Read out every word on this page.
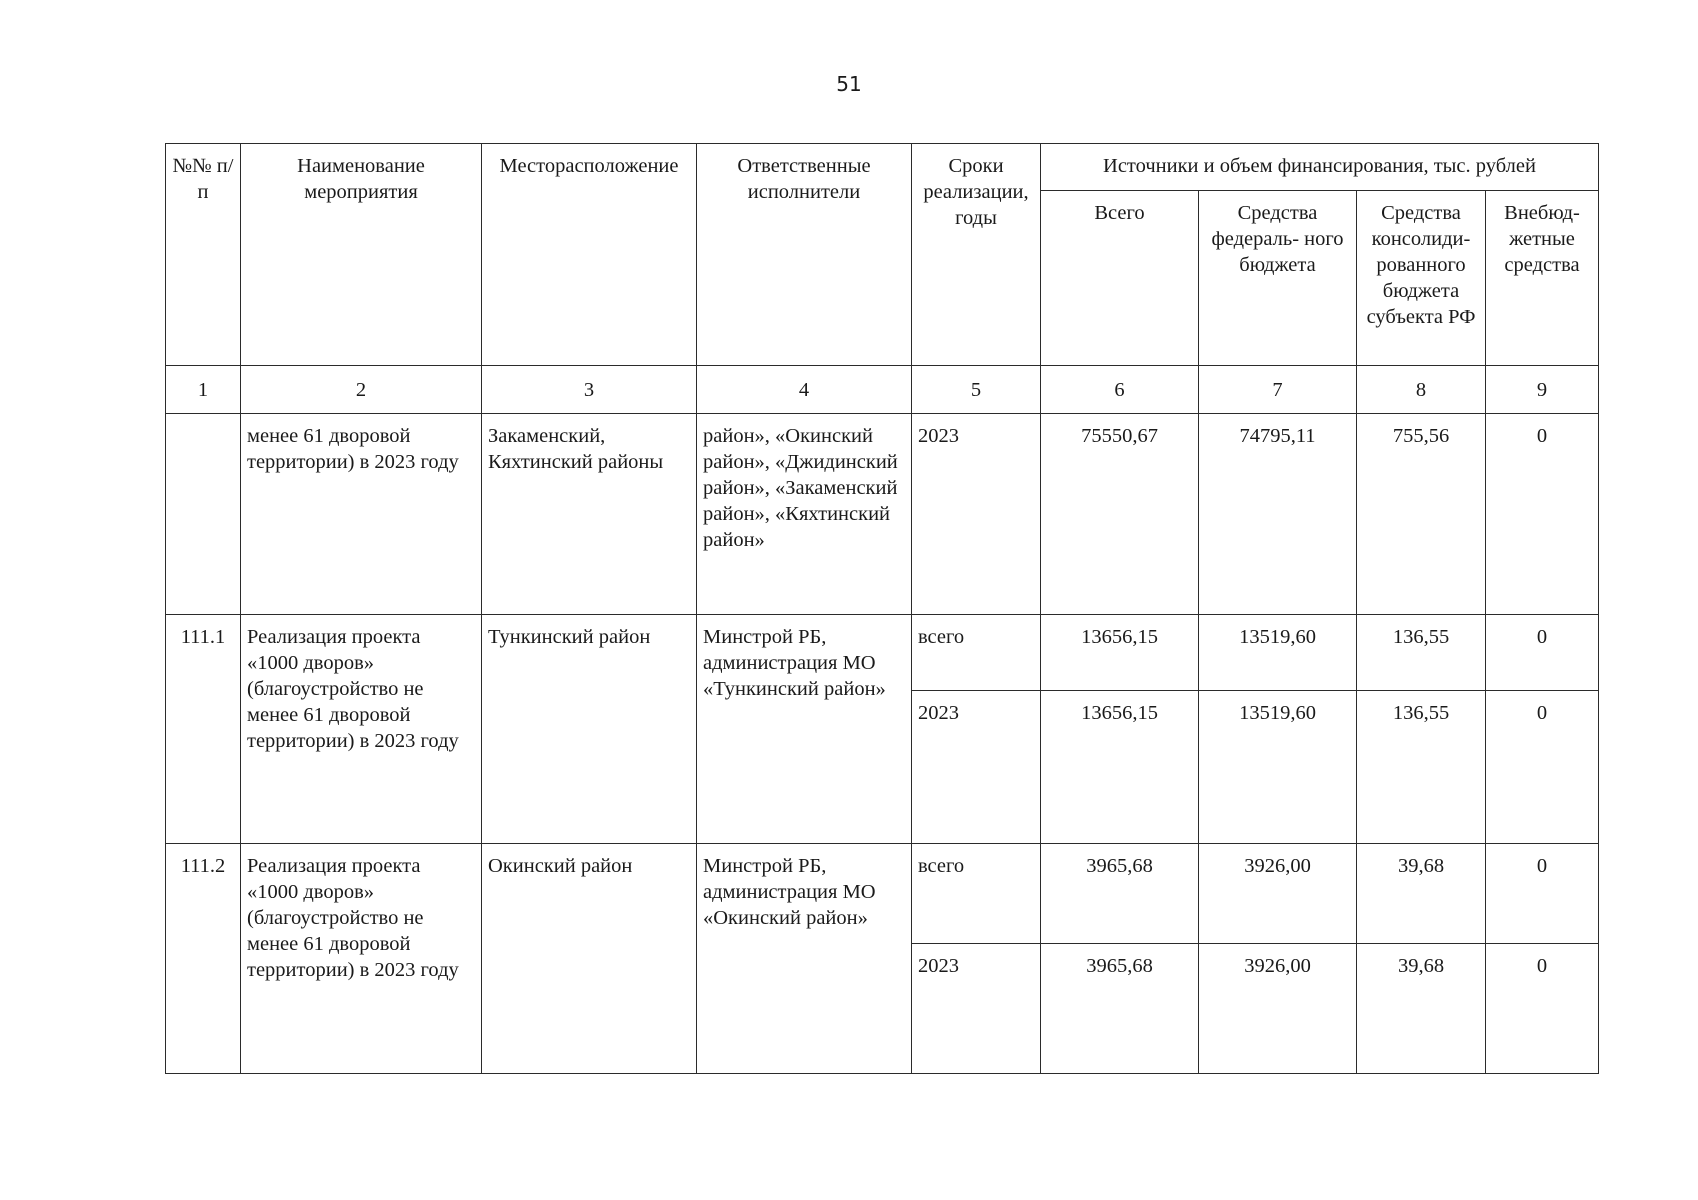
51
№№ п/п	Наименование мероприятия	Месторасположение	Ответственные исполнители	Сроки реализации, годы	Источники и объем финансирования, тыс. рублей			
					Всего	Средства федераль- ного бюджета	Средства консолиди- рованного бюджета субъекта РФ	Внебюд- жетные средства
1	2	3	4	5	6	7	8	9
	менее 61 дворовой территории) в 2023 году	Закаменский, Кяхтинский районы	район», «Окинский район», «Джидинский район», «Закаменский район», «Кяхтинский район»	2023	75550,67	74795,11	755,56	0
111.1	Реализация проекта «1000 дворов» (благоустройство не менее 61 дворовой территории) в 2023 году	Тункинский район	Минстрой РБ, администрация МО «Тункинский район»	всего	13656,15	13519,60	136,55	0
				2023	13656,15	13519,60	136,55	0
111.2	Реализация проекта «1000 дворов» (благоустройство не менее 61 дворовой территории) в 2023 году	Окинский район	Минстрой РБ, администрация МО «Окинский район»	всего	3965,68	3926,00	39,68	0
				2023	3965,68	3926,00	39,68	0
